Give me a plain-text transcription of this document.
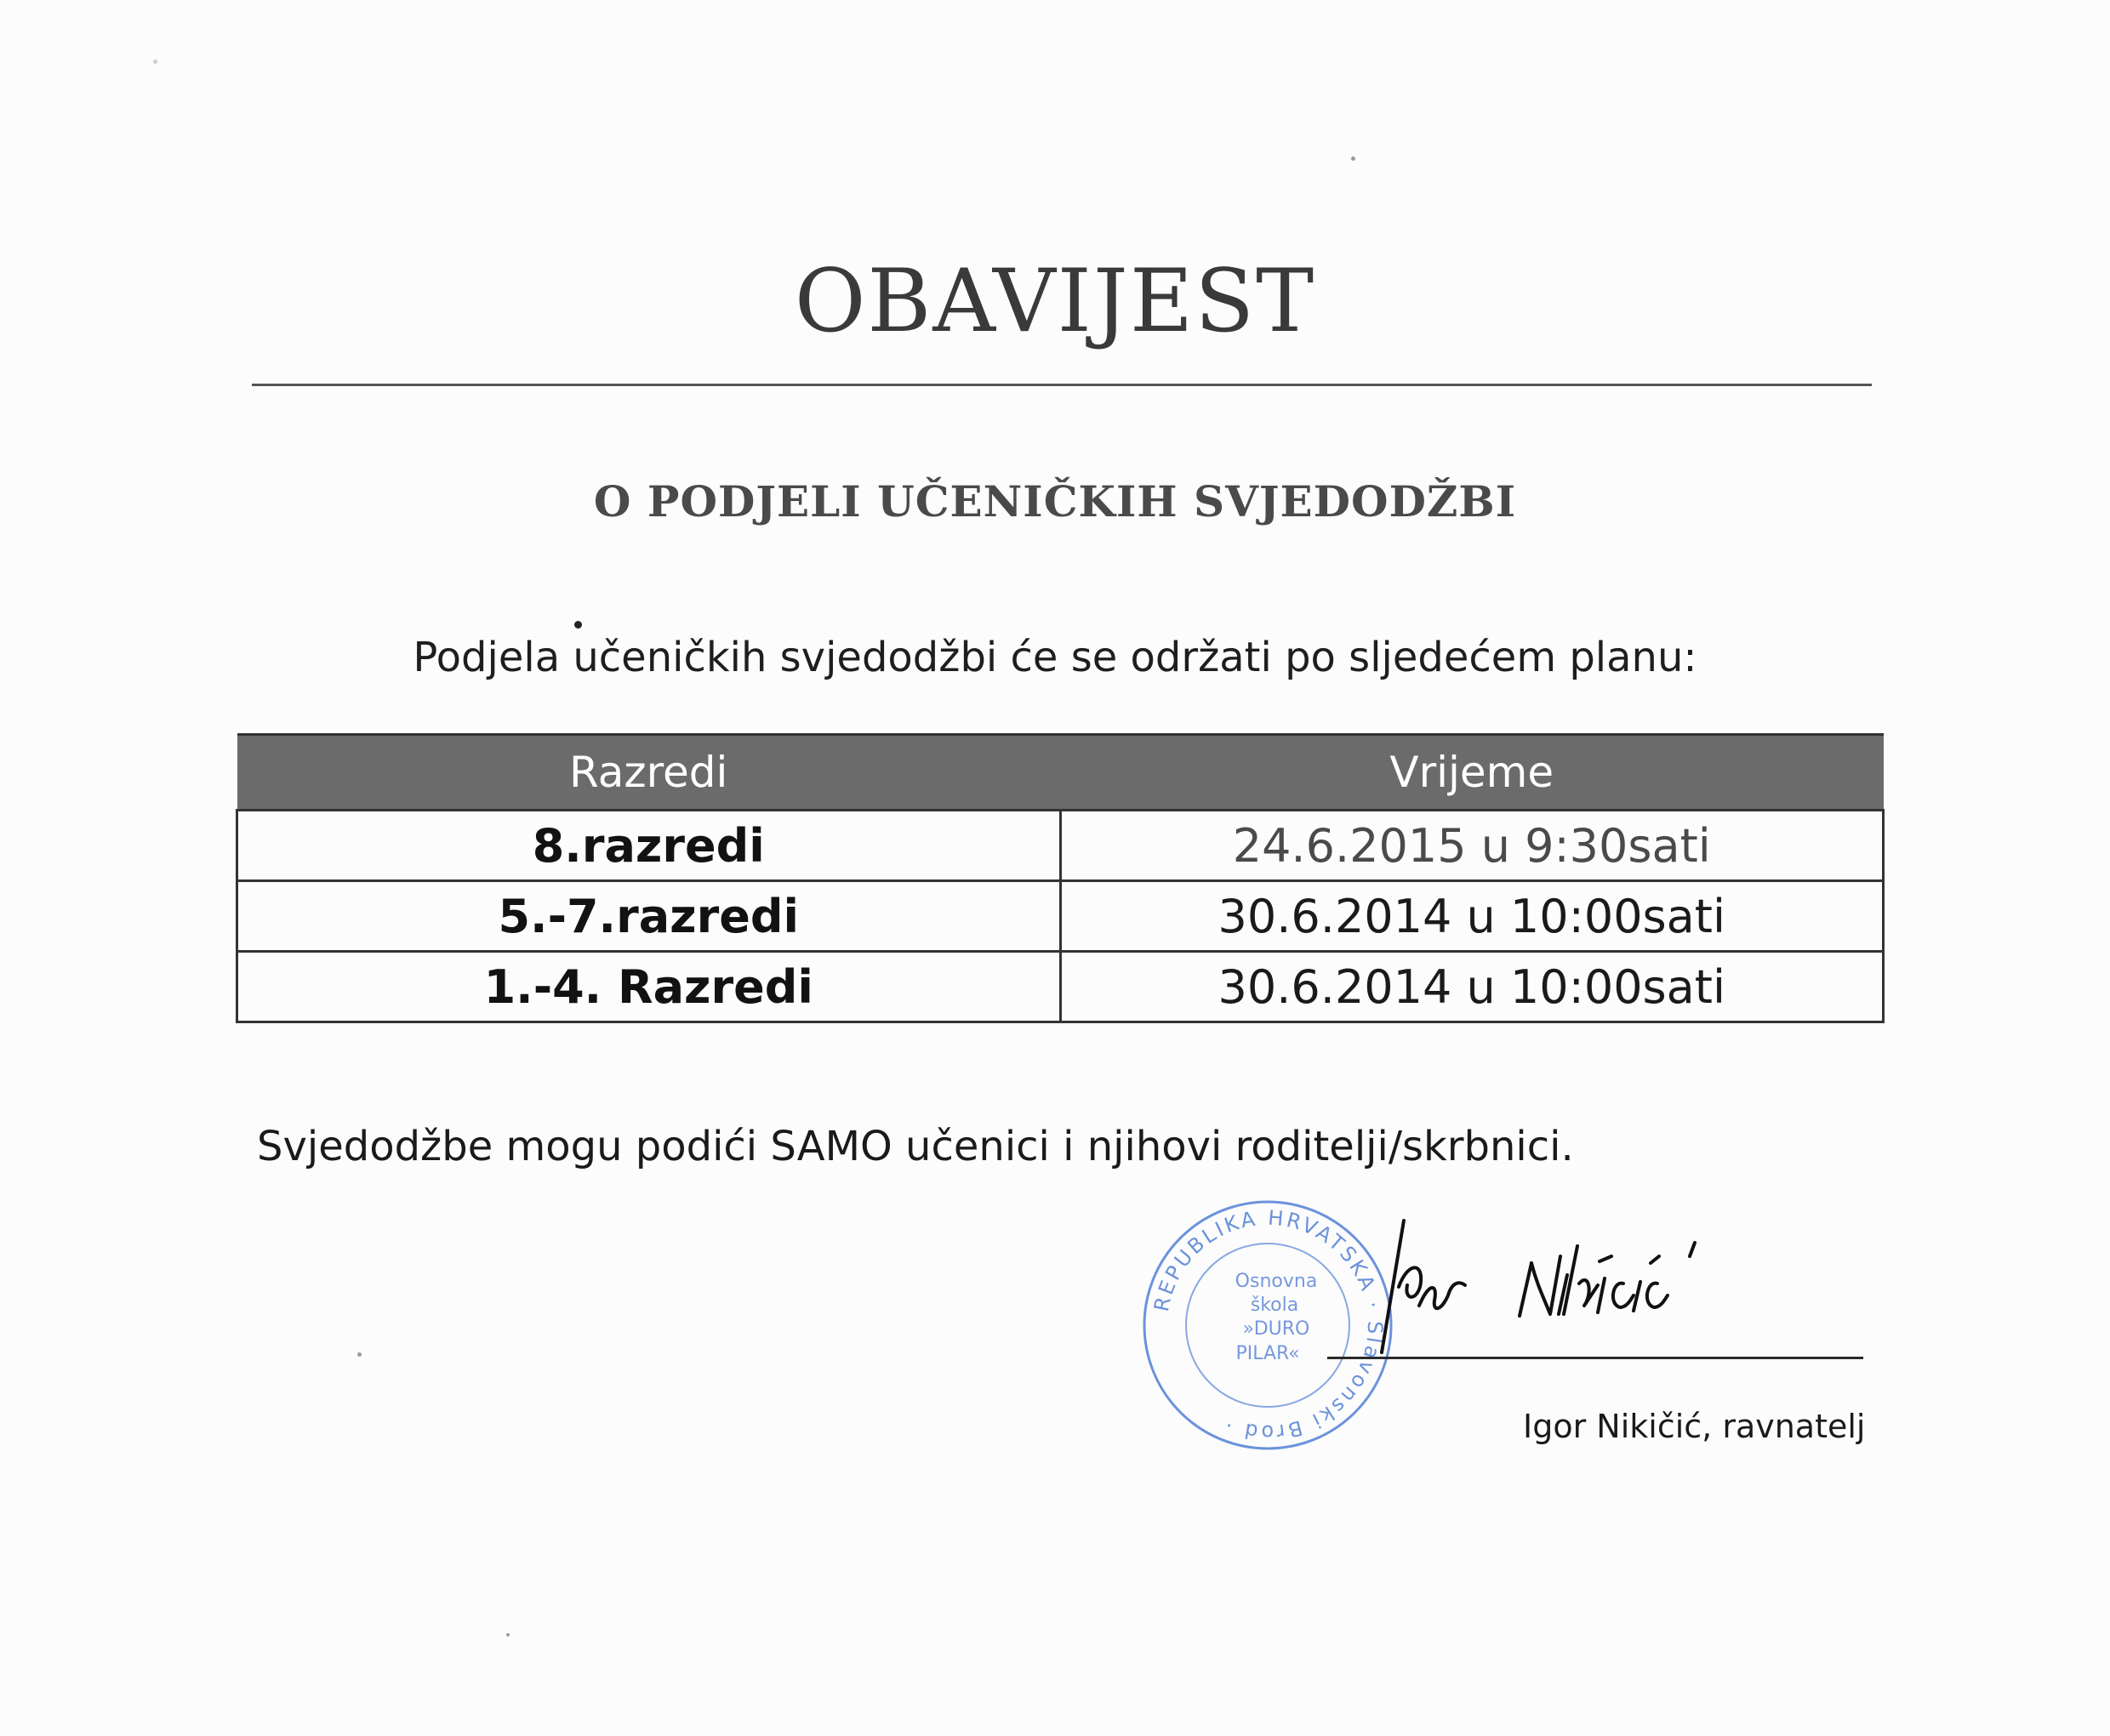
OBAVIJEST
O PODJELI UČENIČKIH SVJEDODŽBI
Podjela učeničkih svjedodžbi će se održati po sljedećem planu:
Razredi	Vrijeme
8.razredi	24.6.2015 u 9:30sati
5.-7.razredi	30.6.2014 u 10:00sati
1.-4. Razredi	30.6.2014 u 10:00sati
Svjedodžbe mogu podići SAMO učenici i njihovi roditelji/skrbnici.
REPUBLIKA HRVATSKA · Slavonski Brod ·
Osnovna
škola
»DURO
PILAR«
Igor Nikičić, ravnatelj
